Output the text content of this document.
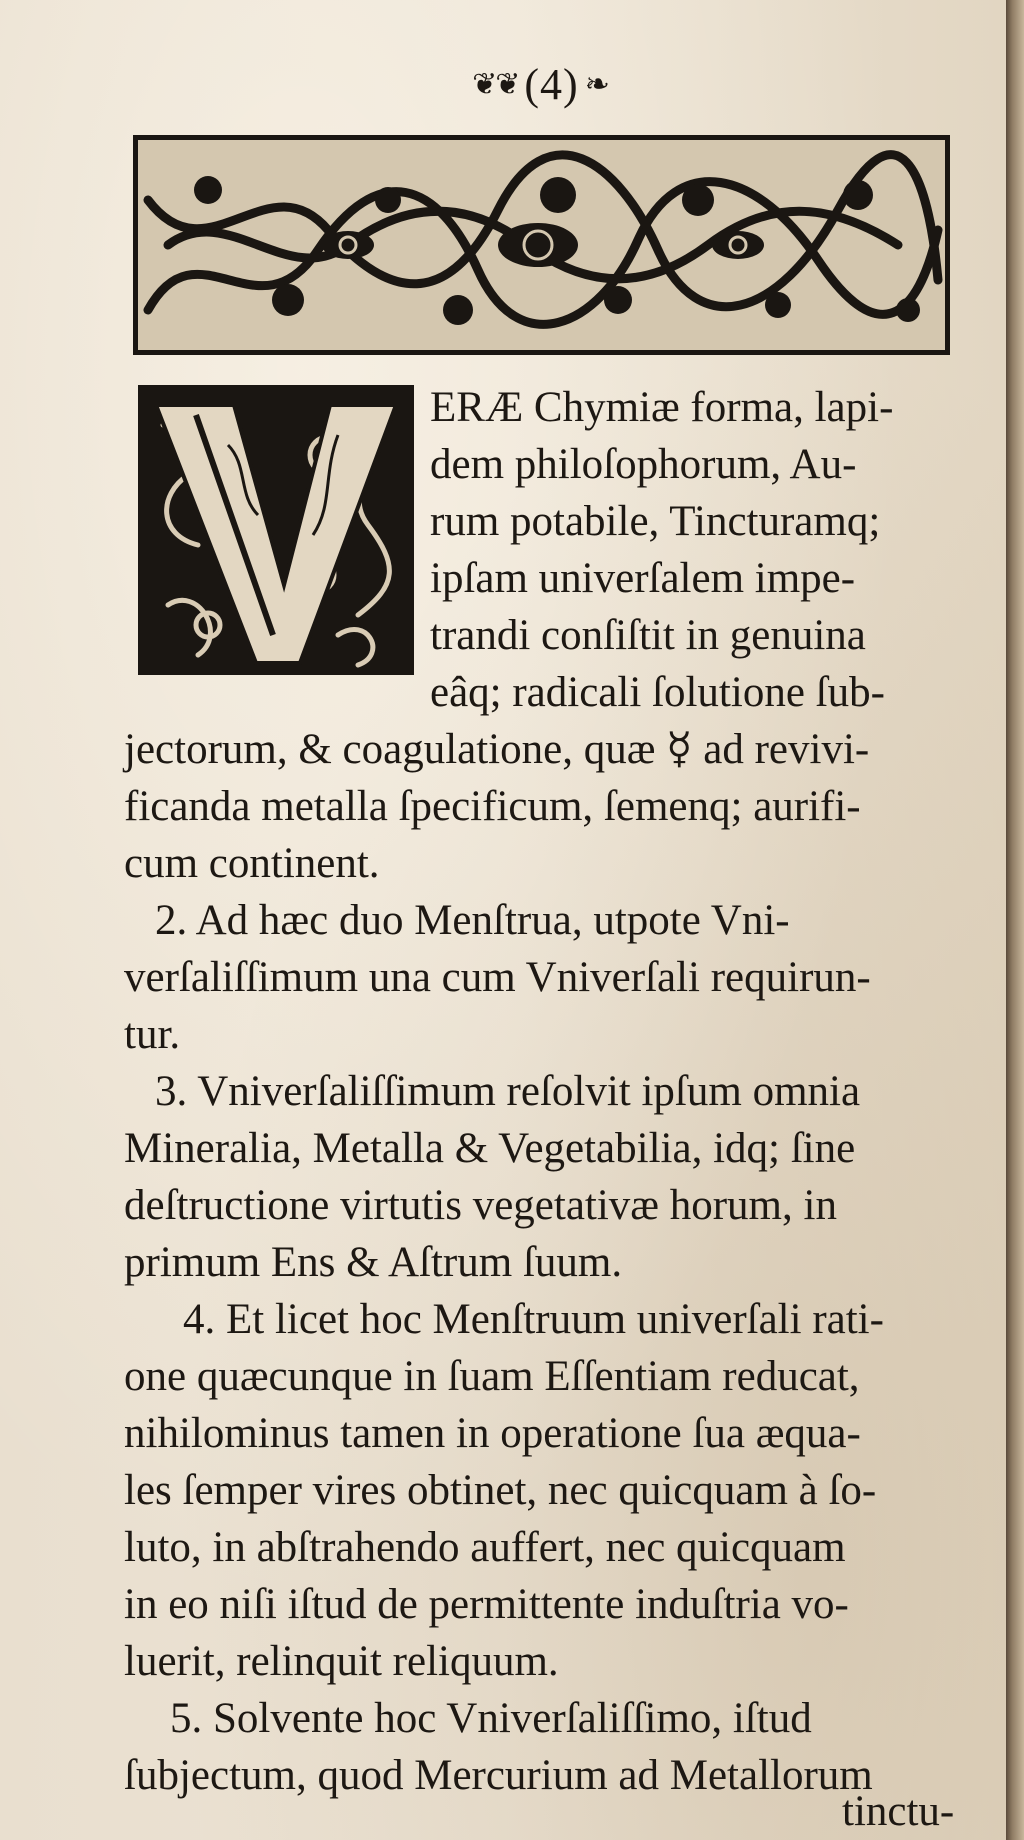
❦❦ (4) ❧
ERÆ Chymiæ forma, lapi-
dem philoſophorum, Au-
rum potabile, Tincturamq;
ipſam univerſalem impe-
trandi conſiſtit in genuina
eâq; radicali ſolutione ſub-
jectorum, & coagulatione, quæ ☿ ad revivi-
ficanda metalla ſpecificum, ſemenq; aurifi-
cum continent.
2. Ad hæc duo Menſtrua, utpote Vni-
verſaliſſimum una cum Vniverſali requirun-
tur.
3. Vniverſaliſſimum reſolvit ipſum omnia
Mineralia, Metalla & Vegetabilia, idq; ſine
deſtructione virtutis vegetativæ horum, in
primum Ens & Aſtrum ſuum.
4. Et licet hoc Menſtruum univerſali rati-
one quæcunque in ſuam Eſſentiam reducat,
nihilominus tamen in operatione ſua æqua-
les ſemper vires obtinet, nec quicquam à ſo-
luto, in abſtrahendo auffert, nec quicquam
in eo niſi iſtud de permittente induſtria vo-
luerit, relinquit reliquum.
5. Solvente hoc Vniverſaliſſimo, iſtud
ſubjectum, quod Mercurium ad Metallorum
tinctu-
